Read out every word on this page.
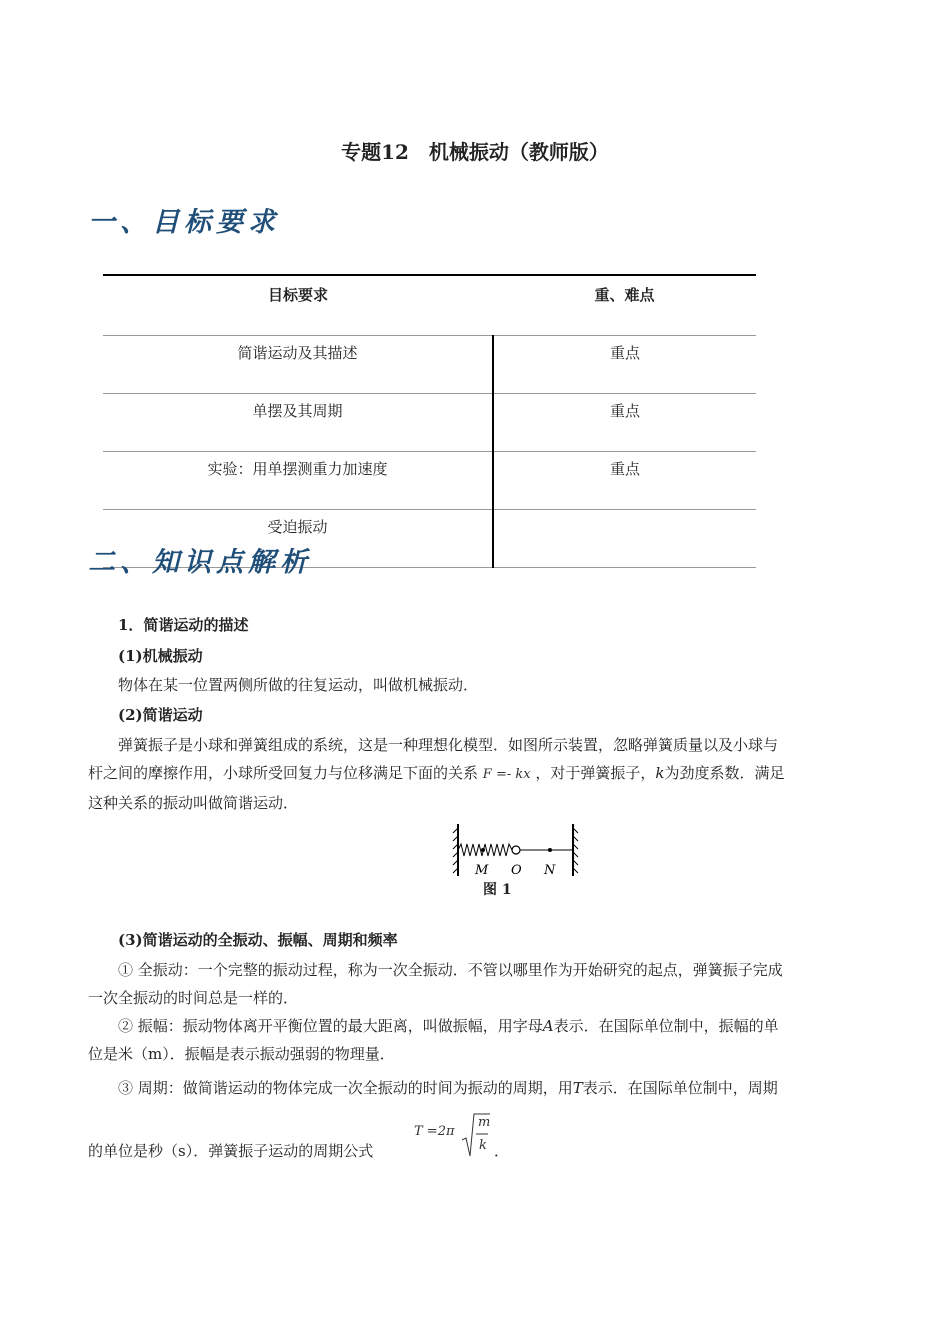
专题12　机械振动（教师版）
一、目标要求
目标要求	重、难点
简谐运动及其描述	重点
单摆及其周期	重点
实验：用单摆测重力加速度	重点
受迫振动	
二、知识点解析
1．简谐运动的描述
(1)机械振动
物体在某一位置两侧所做的往复运动，叫做机械振动．
(2)简谐运动
弹簧振子是小球和弹簧组成的系统，这是一种理想化模型．如图所示装置，忽略弹簧质量以及小球与
杆之间的摩擦作用，小球所受回复力与位移满足下面的关系 F =- kx ，对于弹簧振子，k为劲度系数．满足
这种关系的振动叫做简谐运动．
M O N
图 1
(3)简谐运动的全振动、振幅、周期和频率
① 全振动：一个完整的振动过程，称为一次全振动．不管以哪里作为开始研究的起点，弹簧振子完成
一次全振动的时间总是一样的．
② 振幅：振动物体离开平衡位置的最大距离，叫做振幅，用字母A表示．在国际单位制中，振幅的单
位是米（m）．振幅是表示振动强弱的物理量．
③ 周期：做简谐运动的物体完成一次全振动的时间为振动的周期，用T表示．在国际单位制中，周期
的单位是秒（s）．弹簧振子运动的周期公式
T =2π
m
k ．
